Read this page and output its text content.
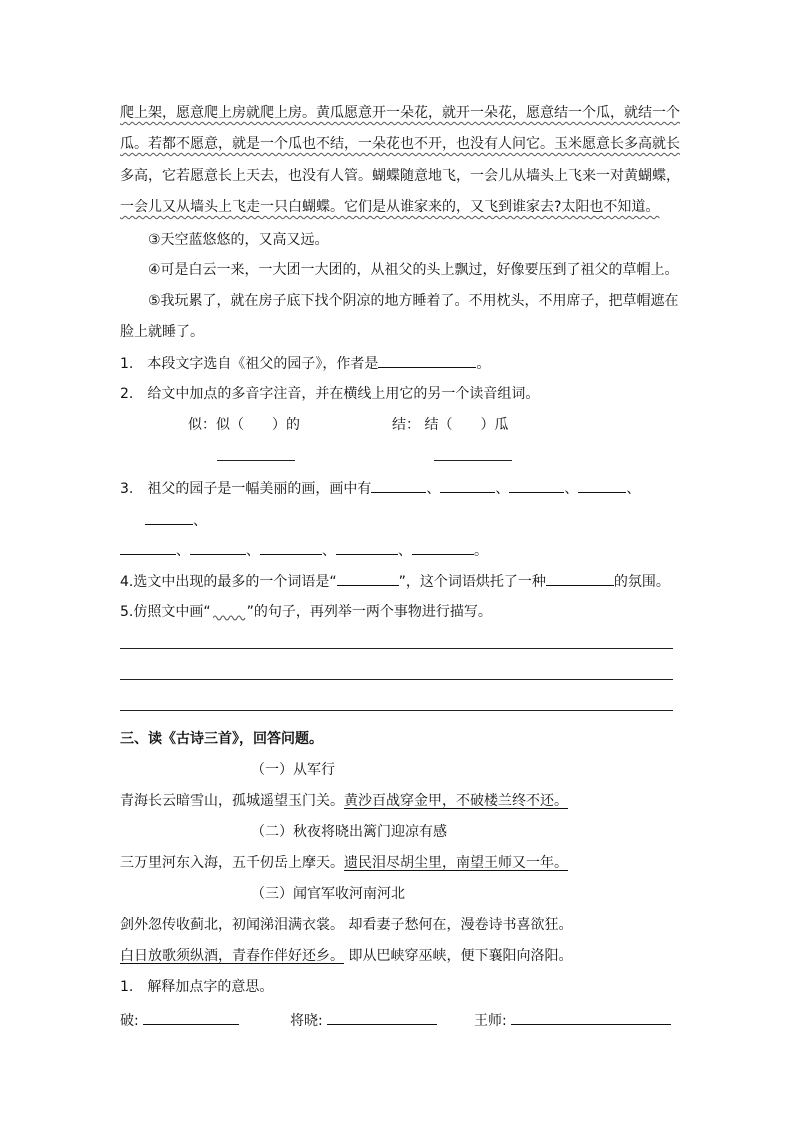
爬上架，愿意爬上房就爬上房。黄瓜愿意开一朵花，就开一朵花，愿意结一个瓜，就结一个
瓜。若都不愿意，就是一个瓜也不结，一朵花也不开，也没有人问它。玉米愿意长多高就长
多高，它若愿意长上天去，也没有人管。蝴蝶随意地飞，一会儿从墙头上飞来一对黄蝴蝶，
一会儿又从墙头上飞走一只白蝴蝶。它们是从谁家来的，又飞到谁家去?太阳也不知道。
③天空蓝悠悠的，又高又远。
④可是白云一来，一大团一大团的，从祖父的头上飘过，好像要压到了祖父的草帽上。
⑤我玩累了，就在房子底下找个阴凉的地方睡着了。不用枕头，不用席子，把草帽遮在
脸上就睡了。
1.　本段文字选自《祖父的园子》，作者是	。
2.　给文中加点的多音字注音，并在横线上用它的另一个读音组词。
似：似（　　）的	结： 结（　　）瓜
3.　祖父的园子是一幅美丽的画，画中有	、	、	、	、
、
、	、	、	、	。
4.选文中出现的最多的一个词语是“	”，这个词语烘托了一种	的氛围。
5.仿照文中画“	”的句子，再列举一两个事物进行描写。
三、读《古诗三首》，回答问题。
（一）从军行
青海长云暗雪山，孤城遥望玉门关。黄沙百战穿金甲，不破楼兰终不还。
（二）秋夜将晓出篱门迎凉有感
三万里河东入海，五千仞岳上摩天。遗民泪尽胡尘里，南望王师又一年。
（三）闻官军收河南河北
剑外忽传收蓟北，初闻涕泪满衣裳。 却看妻子愁何在，漫卷诗书喜欲狂。
白日放歌须纵酒，青春作伴好还乡。 即从巴峡穿巫峡，便下襄阳向洛阳。
1.　解释加点字的意思。
破:	将晓:	王师:
